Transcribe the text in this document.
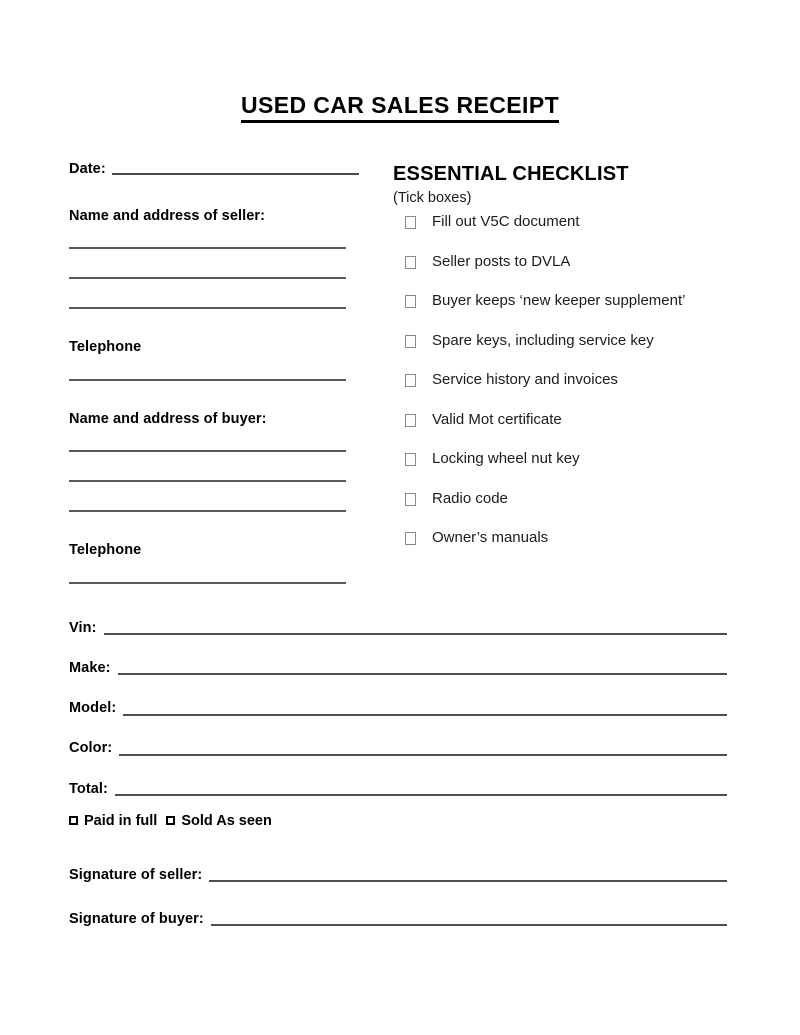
USED CAR SALES RECEIPT
Date:
Name and address of seller:
Telephone
Name and address of buyer:
Telephone
ESSENTIAL CHECKLIST
(Tick boxes)
Fill out V5C document
Seller posts to DVLA
Buyer keeps ‘new keeper supplement’
Spare keys, including service key
Service history and invoices
Valid Mot certificate
Locking wheel nut key
Radio code
Owner’s manuals
Vin:
Make:
Model:
Color:
Total:
Paid in full Sold As seen
Signature of seller:
Signature of buyer:
